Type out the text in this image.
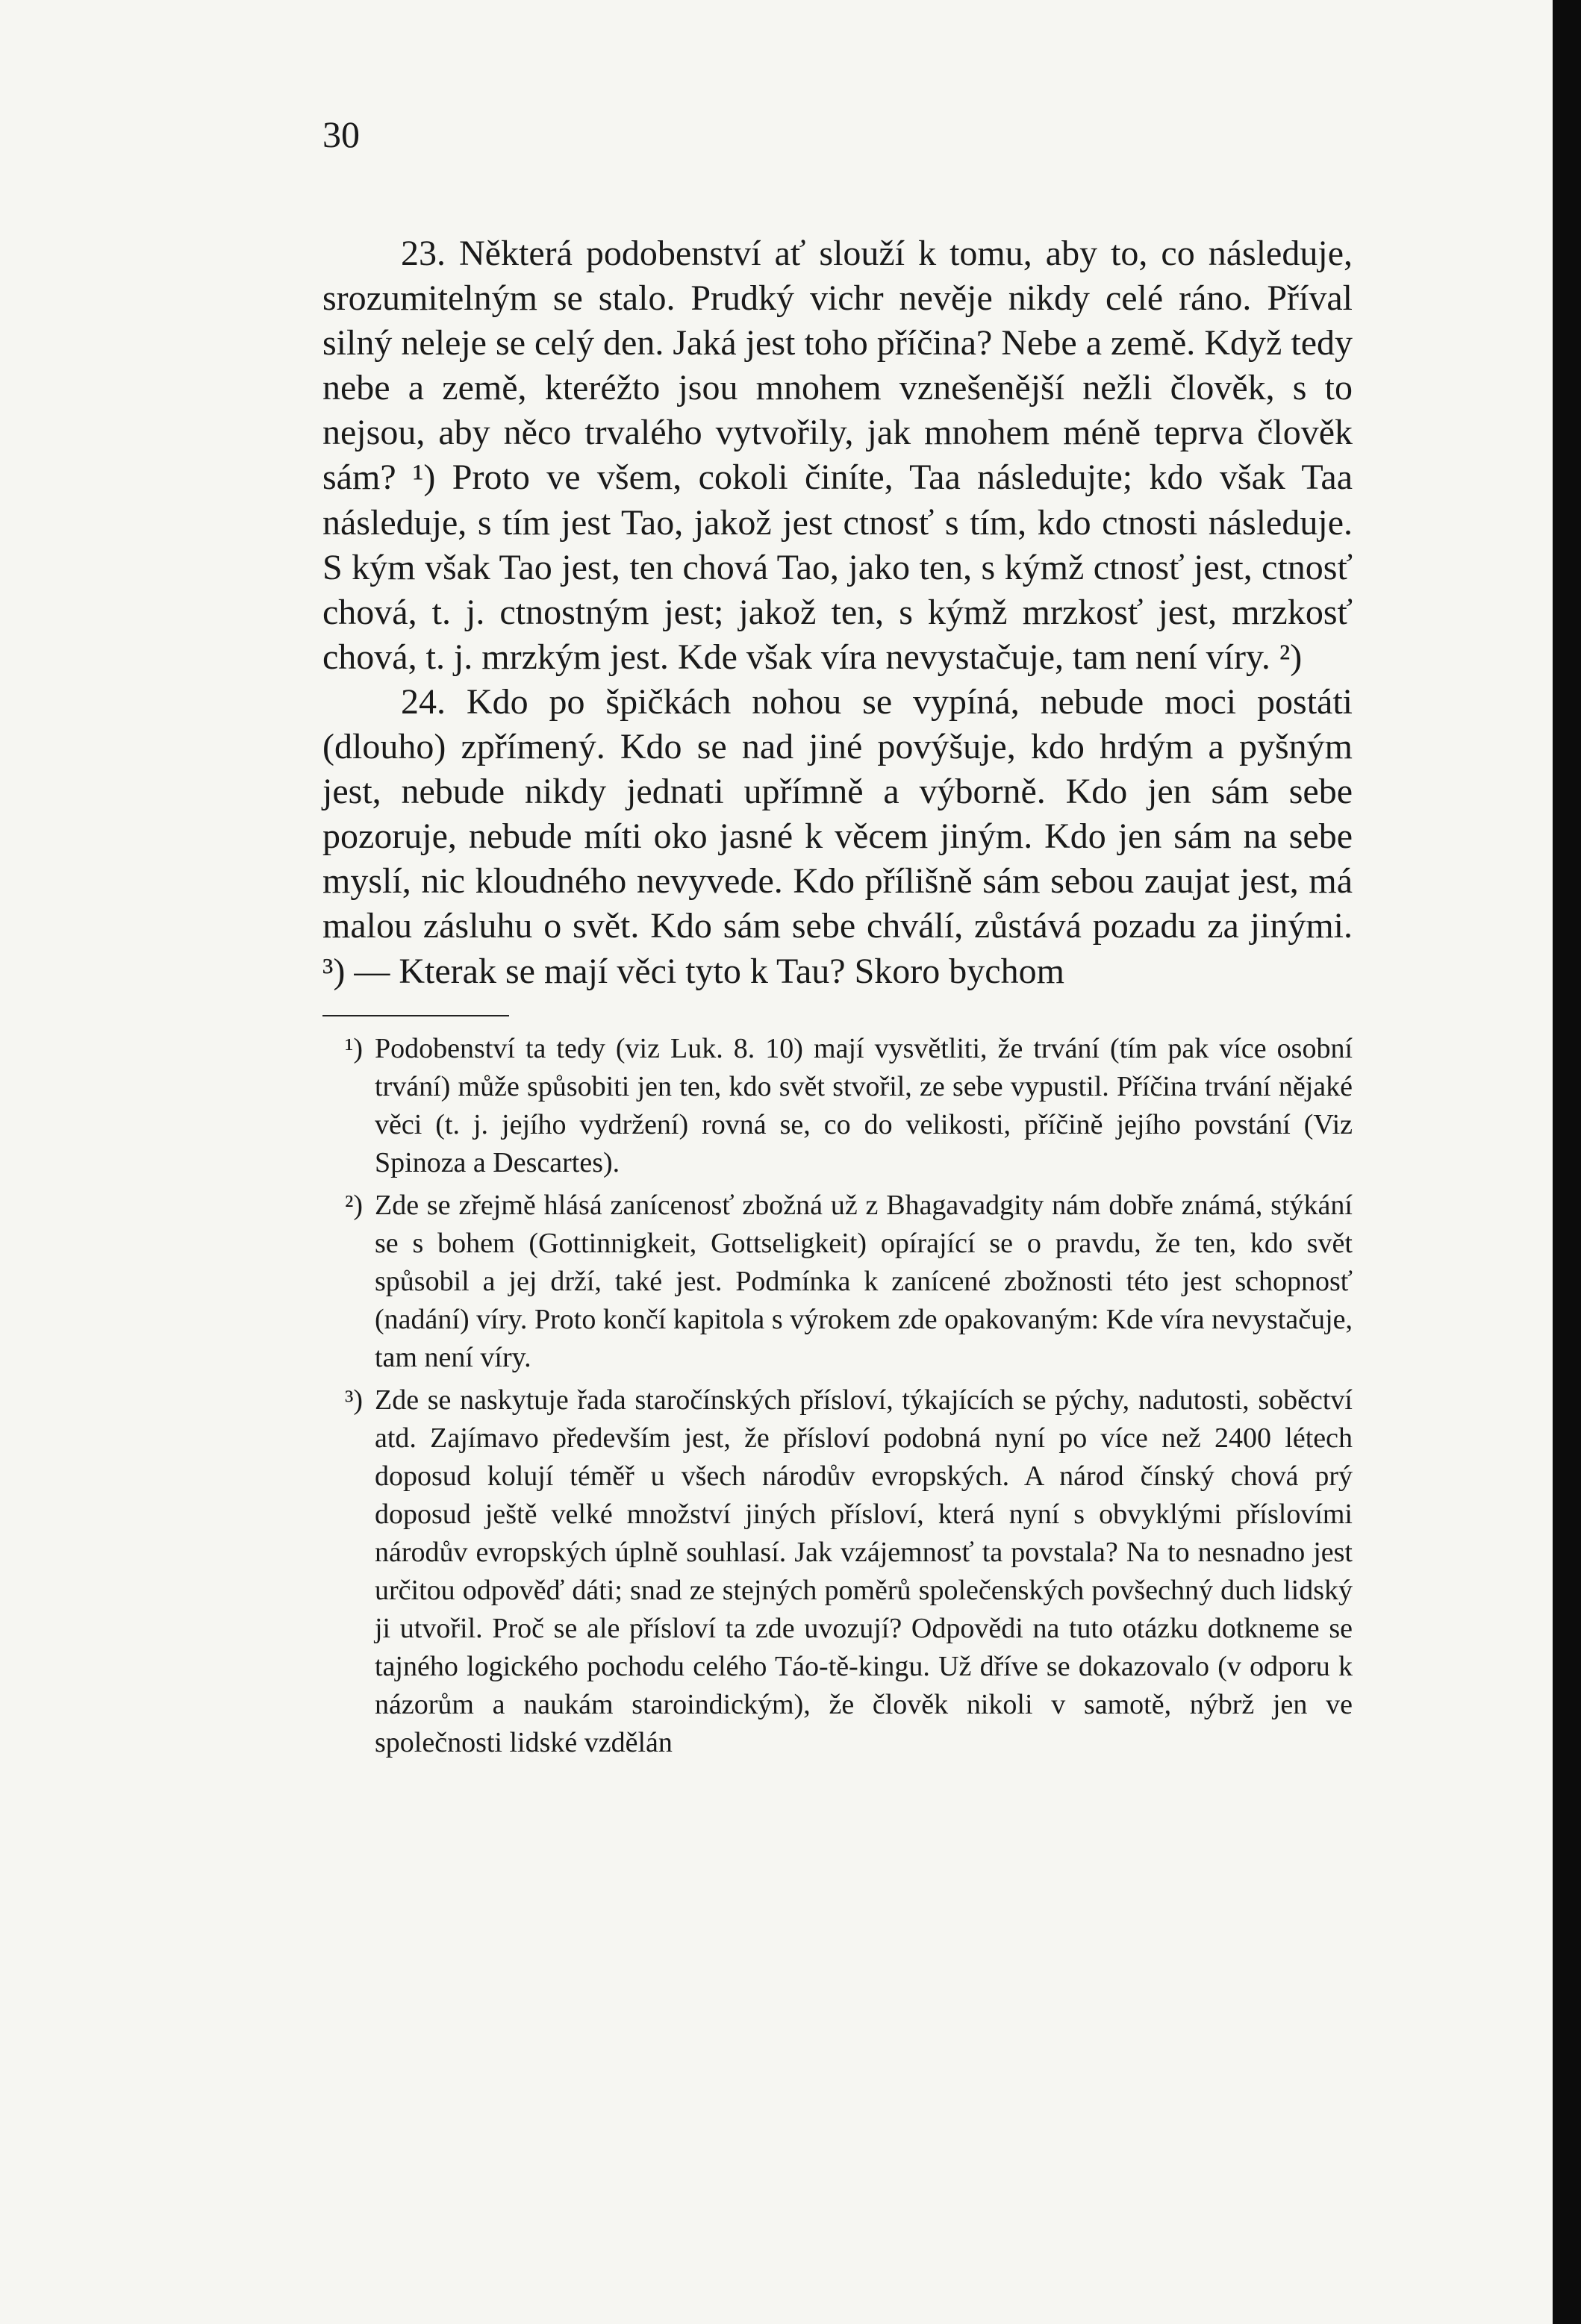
30

23. Některá podobenství ať slouží k tomu, aby to, co následuje, srozumitelným se stalo. Prudký vichr nevěje nikdy celé ráno. Příval silný neleje se celý den. Jaká jest toho příčina? Nebe a země. Když tedy nebe a země, kteréžto jsou mnohem vznešenější nežli člověk, s to nejsou, aby něco trvalého vytvořily, jak mnohem méně teprva člověk sám? ¹) Proto ve všem, cokoli činíte, Taa následujte; kdo však Taa následuje, s tím jest Tao, jakož jest ctnosť s tím, kdo ctnosti následuje. S kým však Tao jest, ten chová Tao, jako ten, s kýmž ctnosť jest, ctnosť chová, t. j. ctnostným jest; jakož ten, s kýmž mrzkosť jest, mrzkosť chová, t. j. mrzkým jest. Kde však víra nevystačuje, tam není víry. ²)

24. Kdo po špičkách nohou se vypíná, nebude moci postáti (dlouho) zpřímený. Kdo se nad jiné povýšuje, kdo hrdým a pyšným jest, nebude nikdy jednati upřímně a výborně. Kdo jen sám sebe pozoruje, nebude míti oko jasné k věcem jiným. Kdo jen sám na sebe myslí, nic kloudného nevyvede. Kdo přílišně sám sebou zaujat jest, má malou zásluhu o svět. Kdo sám sebe chválí, zůstává pozadu za jinými. ³) — Kterak se mají věci tyto k Tau? Skoro bychom

¹) Podobenství ta tedy (viz Luk. 8. 10) mají vysvětliti, že trvání (tím pak více osobní trvání) může spůsobiti jen ten, kdo svět stvořil, ze sebe vypustil. Příčina trvání nějaké věci (t. j. jejího vydržení) rovná se, co do velikosti, příčině jejího povstání (Viz Spinoza a Descartes).
²) Zde se zřejmě hlásá zanícenosť zbožná už z Bhagavadgity nám dobře známá, stýkání se s bohem (Gottinnigkeit, Gottseligkeit) opírající se o pravdu, že ten, kdo svět spůsobil a jej drží, také jest. Podmínka k zanícené zbožnosti této jest schopnosť (nadání) víry. Proto končí kapitola s výrokem zde opakovaným: Kde víra nevystačuje, tam není víry.
³) Zde se naskytuje řada staročínských přísloví, týkajících se pýchy, nadutosti, soběctví atd. Zajímavo především jest, že přísloví podobná nyní po více než 2400 létech doposud kolují téměř u všech národův evropských. A národ čínský chová prý doposud ještě velké množství jiných přísloví, která nyní s obvyklými příslovími národův evropských úplně souhlasí. Jak vzájemnosť ta povstala? Na to nesnadno jest určitou odpověď dáti; snad ze stejných poměrů společenských povšechný duch lidský ji utvořil. Proč se ale přísloví ta zde uvozují? Odpovědi na tuto otázku dotkneme se tajného logického pochodu celého Táo-tě-kingu. Už dříve se dokazovalo (v odporu k názorům a naukám staroindickým), že člověk nikoli v samotě, nýbrž jen ve společnosti lidské vzdělán
